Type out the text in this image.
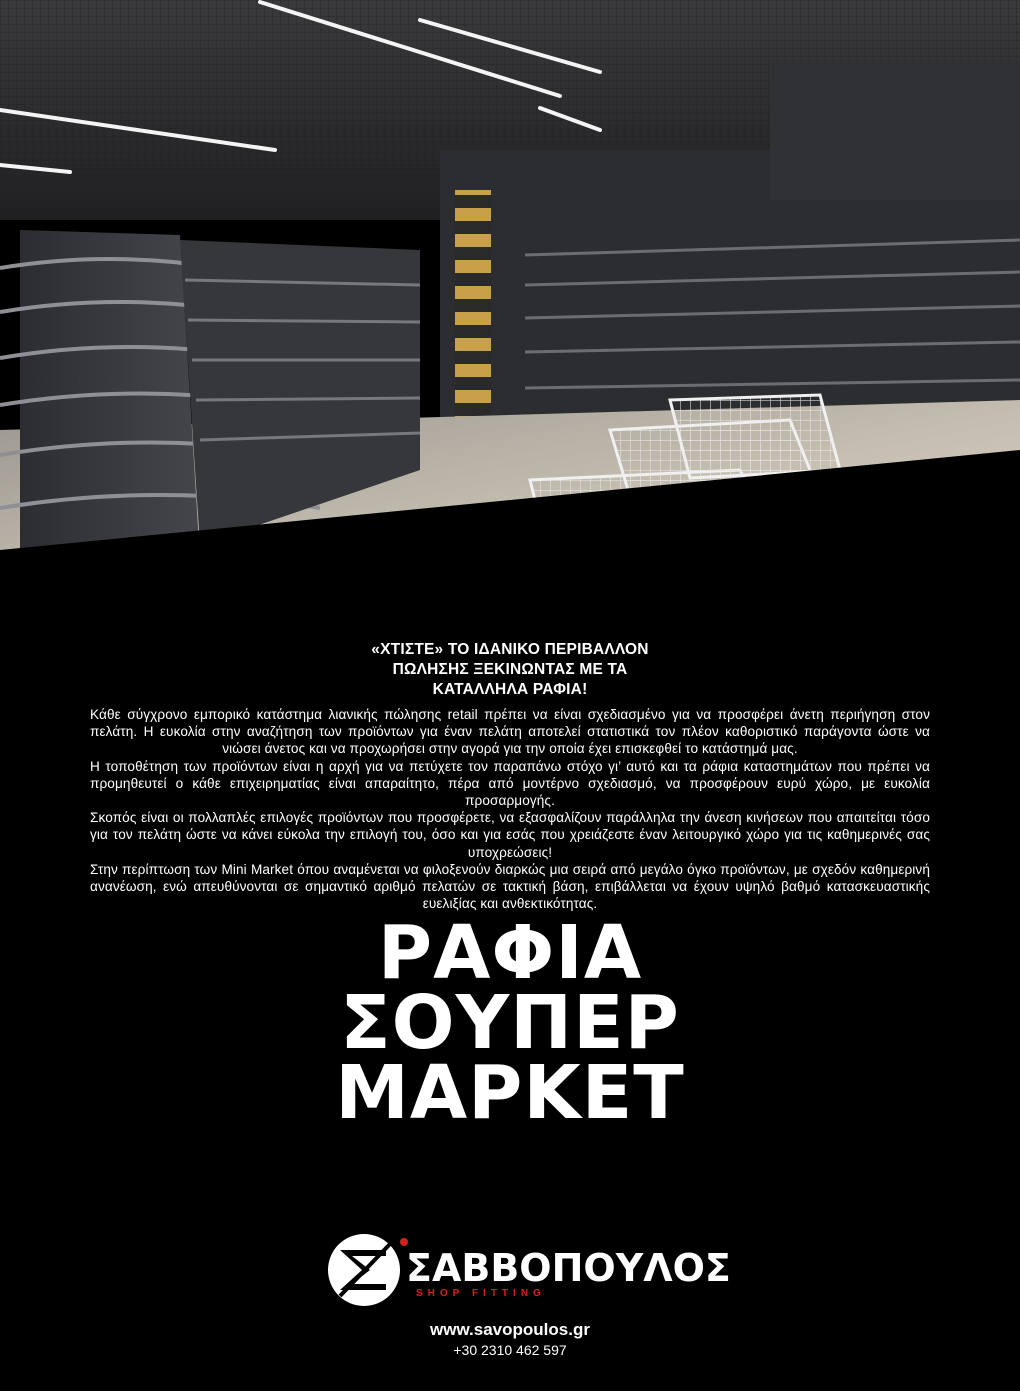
«ΧΤΙΣΤΕ» ΤΟ ΙΔΑΝΙΚΟ ΠΕΡΙΒΑΛΛΟΝ
ΠΩΛΗΣΗΣ ΞΕΚΙΝΩΝΤΑΣ ΜΕ ΤΑ
ΚΑΤΑΛΛΗΛΑ ΡΑΦΙΑ!

Κάθε σύγχρονο εμπορικό κατάστημα λιανικής πώλησης retail πρέπει να είναι σχεδιασμένο για να προσφέρει άνετη περιήγηση στον πελάτη. Η ευκολία στην αναζήτηση των προϊόντων για έναν πελάτη αποτελεί στατιστικά τον πλέον καθοριστικό παράγοντα ώστε να νιώσει άνετος και να προχωρήσει στην αγορά για την οποία έχει επισκεφθεί το κατάστημά μας.

Η τοποθέτηση των προϊόντων είναι η αρχή για να πετύχετε τον παραπάνω στόχο γι’ αυτό και τα ράφια καταστημάτων που πρέπει να προμηθευτεί ο κάθε επιχειρηματίας είναι απαραίτητο, πέρα από μοντέρνο σχεδιασμό, να προσφέρουν ευρύ χώρο, με ευκολία προσαρμογής.

Σκοπός είναι οι πολλαπλές επιλογές προϊόντων που προσφέρετε, να εξασφαλίζουν παράλληλα την άνεση κινήσεων που απαιτείται τόσο για τον πελάτη ώστε να κάνει εύκολα την επιλογή του, όσο και για εσάς που χρειάζεστε έναν λειτουργικό χώρο για τις καθημερινές σας υποχρεώσεις!

Στην περίπτωση των Mini Market όπου αναμένεται να φιλοξενούν διαρκώς μια σειρά από μεγάλο όγκο προϊόντων, με σχεδόν καθημερινή ανανέωση, ενώ απευθύνονται σε σημαντικό αριθμό πελατών σε τακτική βάση, επιβάλλεται να έχουν υψηλό βαθμό κατασκευαστικής ευελιξίας και ανθεκτικότητας.

ΡΑΦΙΑ
ΣΟΥΠΕΡ
ΜΑΡΚΕΤ
ΣΑΒΒΟΠΟΥΛΟΣ
SHOP FITTING
www.savopoulos.gr
+30 2310 462 597
